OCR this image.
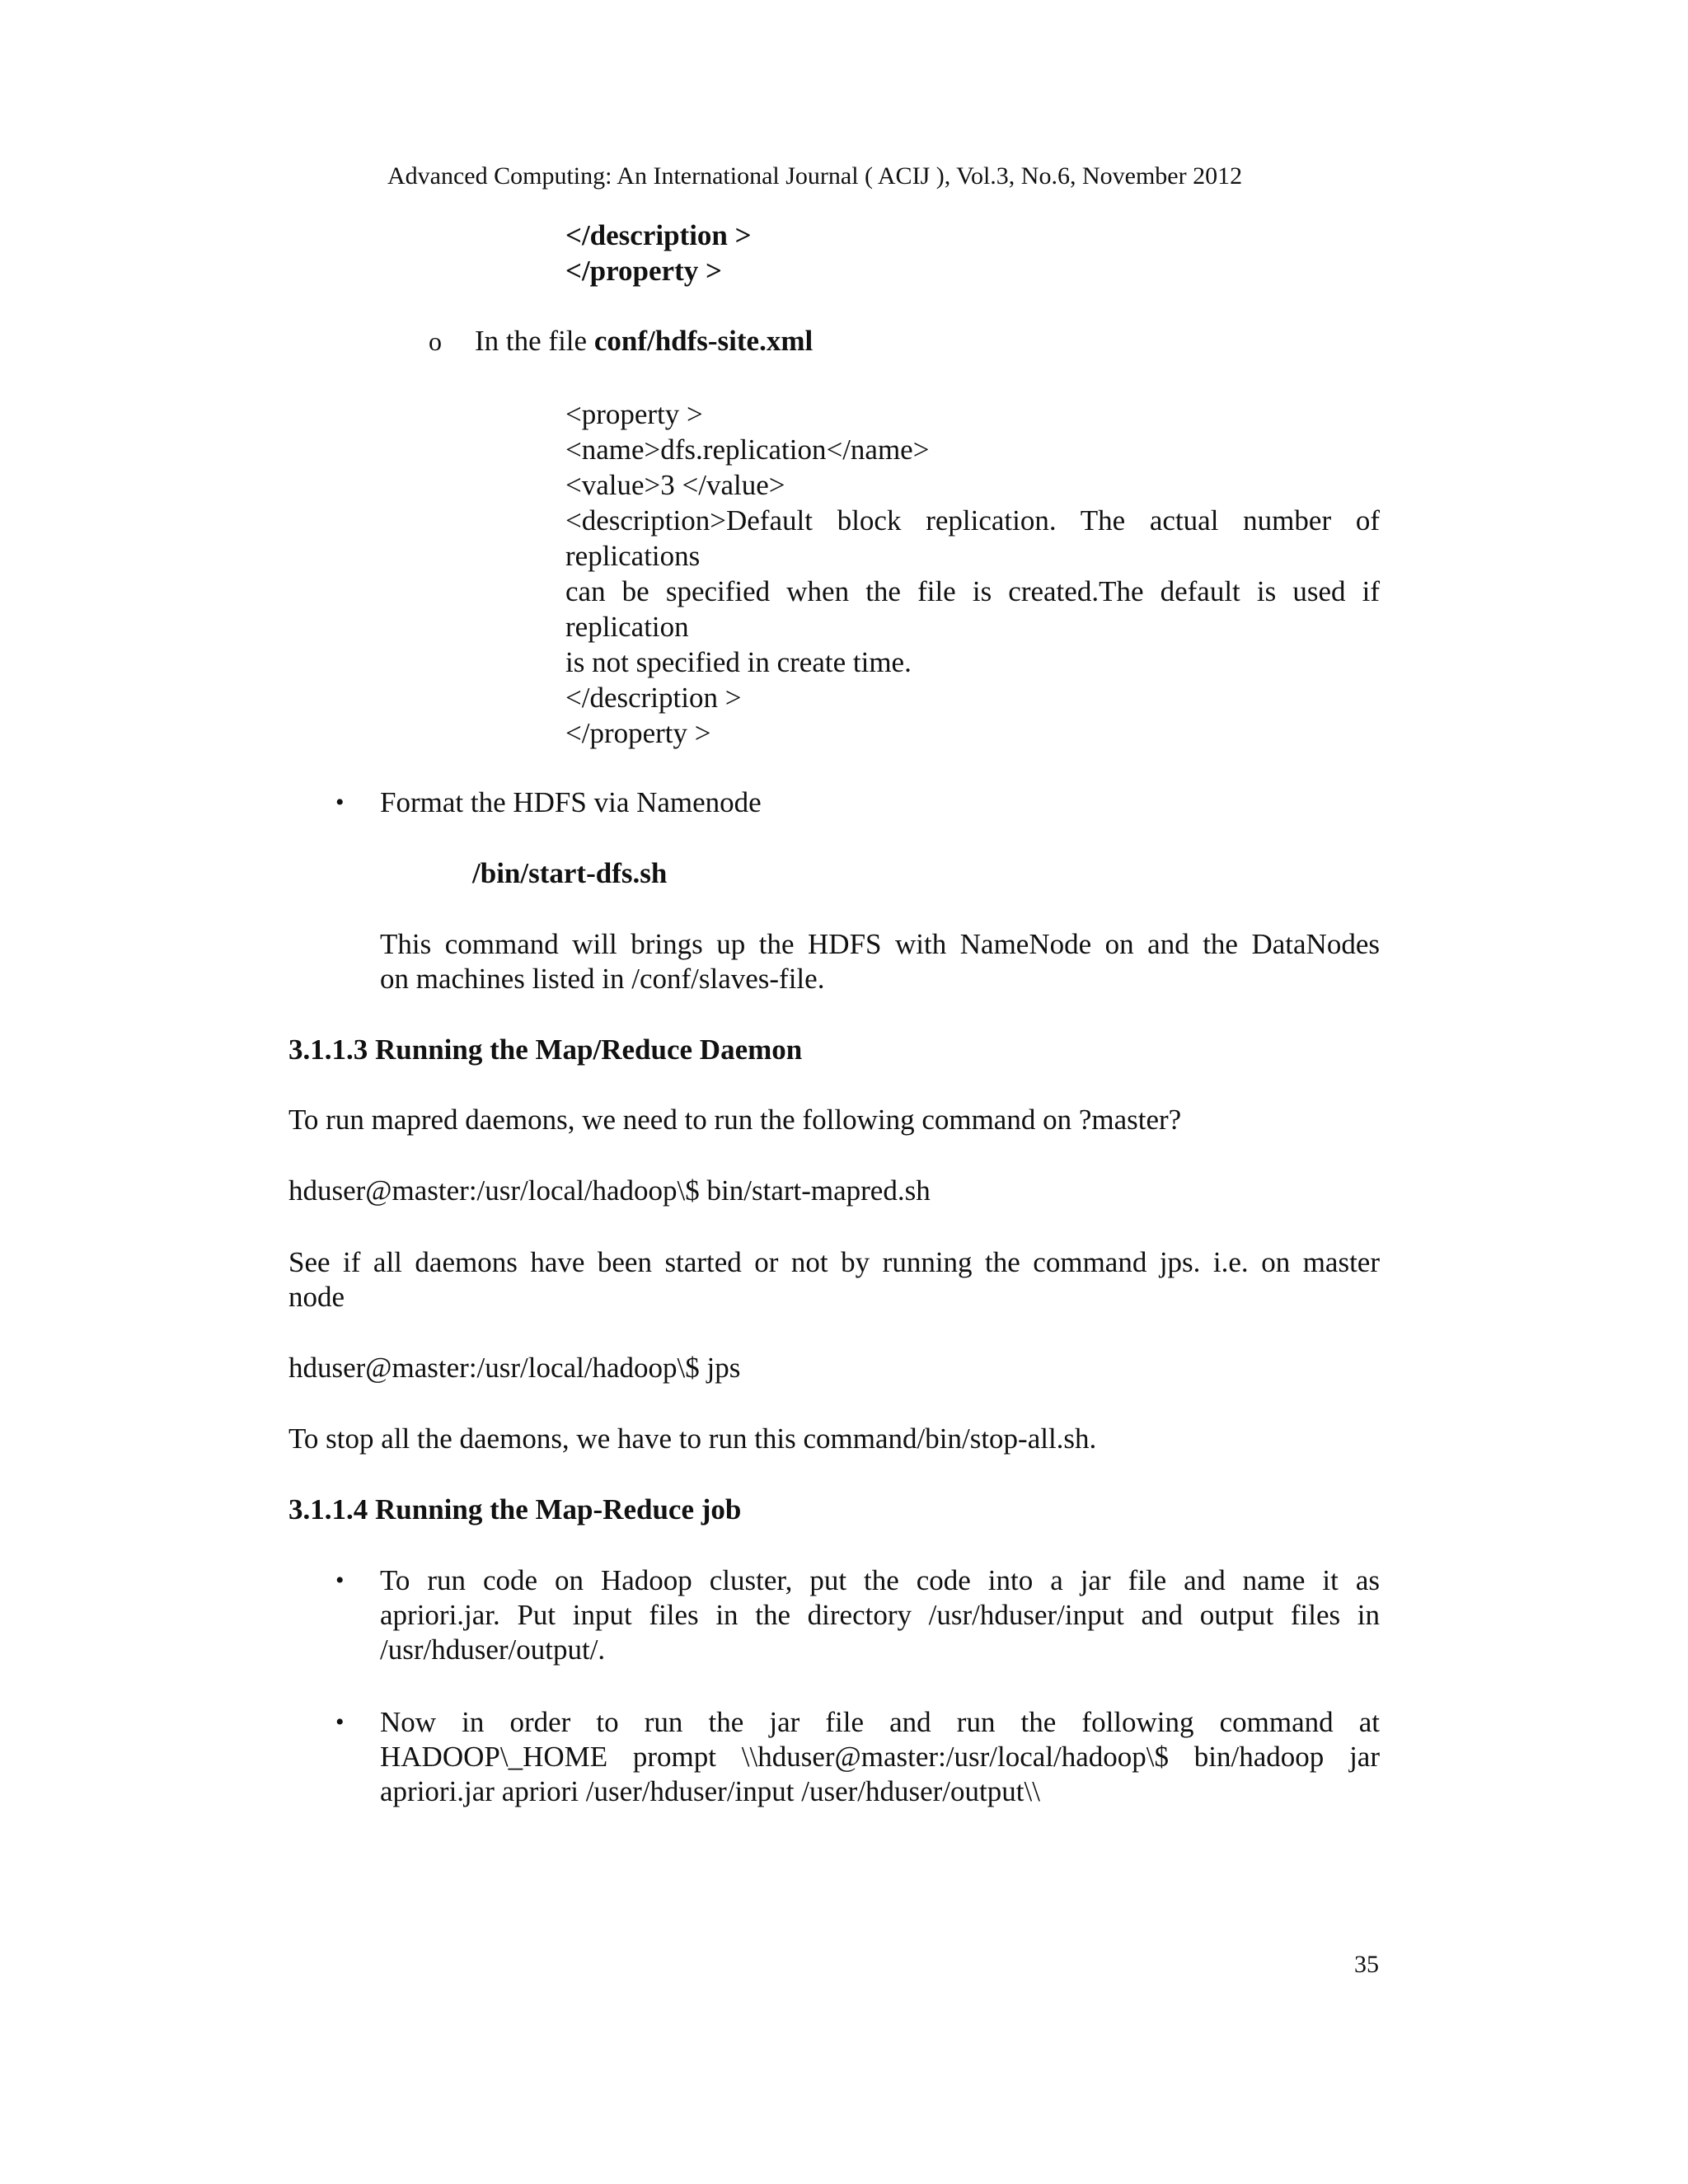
Advanced Computing: An International Journal ( ACIJ ), Vol.3, No.6, November 2012
</description >
</property >
o In the file conf/hdfs-site.xml
<property >
<name>dfs.replication</name>
<value>3 </value>
<description>Default block replication. The actual number of
replications
can be specified when the file is created.The default is used if
replication
is not specified in create time.
</description >
</property >
• Format the HDFS via Namenode
/bin/start-dfs.sh
This command will brings up the HDFS with NameNode on and the DataNodes
on machines listed in /conf/slaves-file.
3.1.1.3 Running the Map/Reduce Daemon
To run mapred daemons, we need to run the following command on ?master?
hduser@master:/usr/local/hadoop\$ bin/start-mapred.sh
See if all daemons have been started or not by running the command jps. i.e. on master
node
hduser@master:/usr/local/hadoop\$ jps
To stop all the daemons, we have to run this command/bin/stop-all.sh.
3.1.1.4 Running the Map-Reduce job
• To run code on Hadoop cluster, put the code into a jar file and name it as
apriori.jar. Put input files in the directory /usr/hduser/input and output files in
/usr/hduser/output/.
• Now in order to run the jar file and run the following command at
HADOOP\_HOME prompt \\hduser@master:/usr/local/hadoop\$ bin/hadoop jar
apriori.jar apriori /user/hduser/input /user/hduser/output\\
35
